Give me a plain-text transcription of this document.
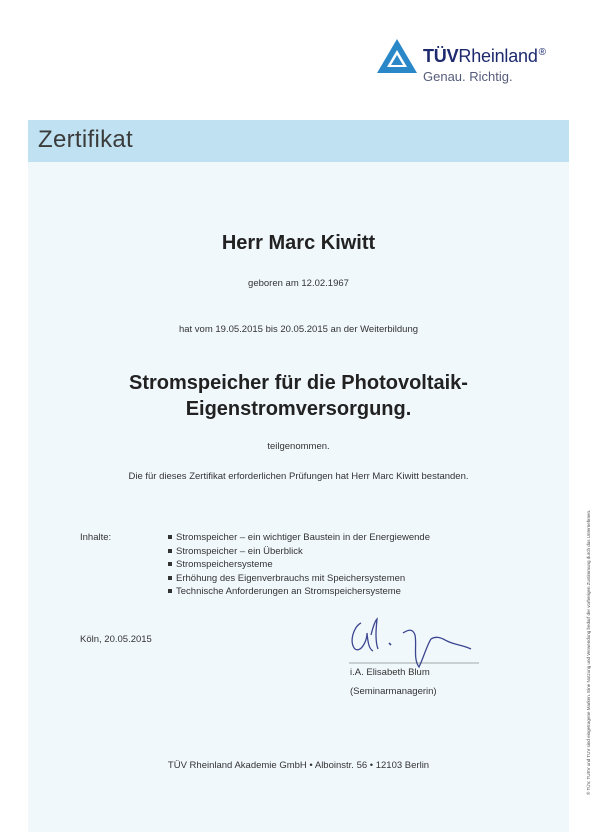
TÜVRheinland®
Genau. Richtig.
Zertifikat
Herr Marc Kiwitt
geboren am 12.02.1967
hat vom 19.05.2015 bis 20.05.2015 an der Weiterbildung
Stromspeicher für die Photovoltaik-
Eigenstromversorgung.
teilgenommen.
Die für dieses Zertifikat erforderlichen Prüfungen hat Herr Marc Kiwitt bestanden.
Inhalte:	Stromspeicher – ein wichtiger Baustein in der Energiewende
Stromspeicher – ein Überblick
Stromspeichersysteme
Erhöhung des Eigenverbrauchs mit Speichersystemen
Technische Anforderungen an Stromspeichersysteme
Köln, 20.05.2015
i.A. Elisabeth Blum
(Seminarmanagerin)
TÜV Rheinland Akademie GmbH • Alboinstr. 56 • 12103 Berlin	® TÜV, TUEV und TUV sind eingetragene Marken. Eine Nutzung und Verwendung bedarf der vorherigen Zustimmung durch das Unternehmen.
